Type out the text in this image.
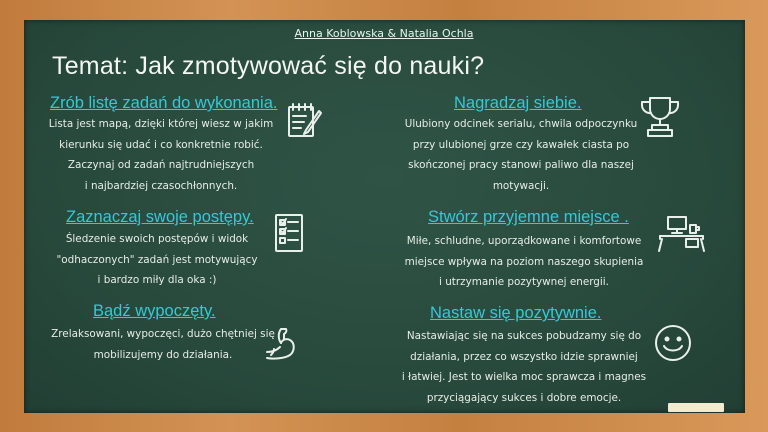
Anna Koblowska & Natalia Ochla
Temat: Jak zmotywować się do nauki?
Zrób listę zadań do wykonania.
Lista jest mapą, dzięki której wiesz w jakim
kierunku się udać i co konkretnie robić.
Zaczynaj od zadań najtrudniejszych
i najbardziej czasochłonnych.
Nagradzaj siebie.
Ulubiony odcinek serialu, chwila odpoczynku
przy ulubionej grze czy kawałek ciasta po
skończonej pracy stanowi paliwo dla naszej
motywacji.
Zaznaczaj swoje postępy.
Śledzenie swoich postępów i widok
"odhaczonych" zadań jest motywujący
i bardzo miły dla oka :)
Stwórz przyjemne miejsce .
Miłe, schludne, uporządkowane i komfortowe
miejsce wpływa na poziom naszego skupienia
i utrzymanie pozytywnej energii.
Bądź wypoczęty.
Zrelaksowani, wypoczęci, dużo chętniej się
mobilizujemy do działania.
Nastaw się pozytywnie.
Nastawiając się na sukces pobudzamy się do
działania, przez co wszystko idzie sprawniej
i łatwiej. Jest to wielka moc sprawcza i magnes
przyciągający sukces i dobre emocje.
